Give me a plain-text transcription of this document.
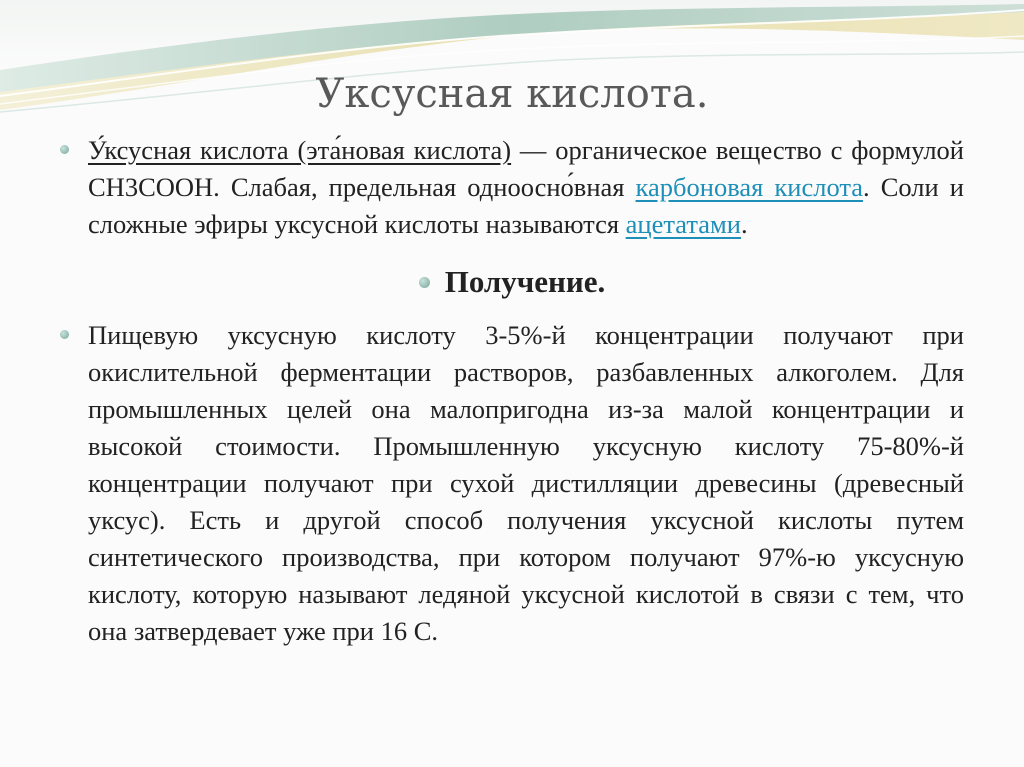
Уксусная кислота.

У́ксусная кислота (эта́новая кислота) — органическое вещество с формулой CH3COOH. Слабая, предельная одноосно́вная карбоновая кислота. Соли и сложные эфиры уксусной кислоты называются ацетатами.

Получение.

Пищевую уксусную кислоту 3-5%-й концентрации получают при окислительной ферментации растворов, разбавленных алкоголем. Для промышленных целей она малопригодна из-за малой концентрации и высокой стоимости. Промышленную уксусную кислоту 75-80%-й концентрации получают при сухой дистилляции древесины (древесный уксус). Есть и другой способ получения уксусной кислоты путем синтетического производства, при котором получают 97%-ю уксусную кислоту, которую называют ледяной уксусной кислотой в связи с тем, что она затвердевает уже при 16 С.
